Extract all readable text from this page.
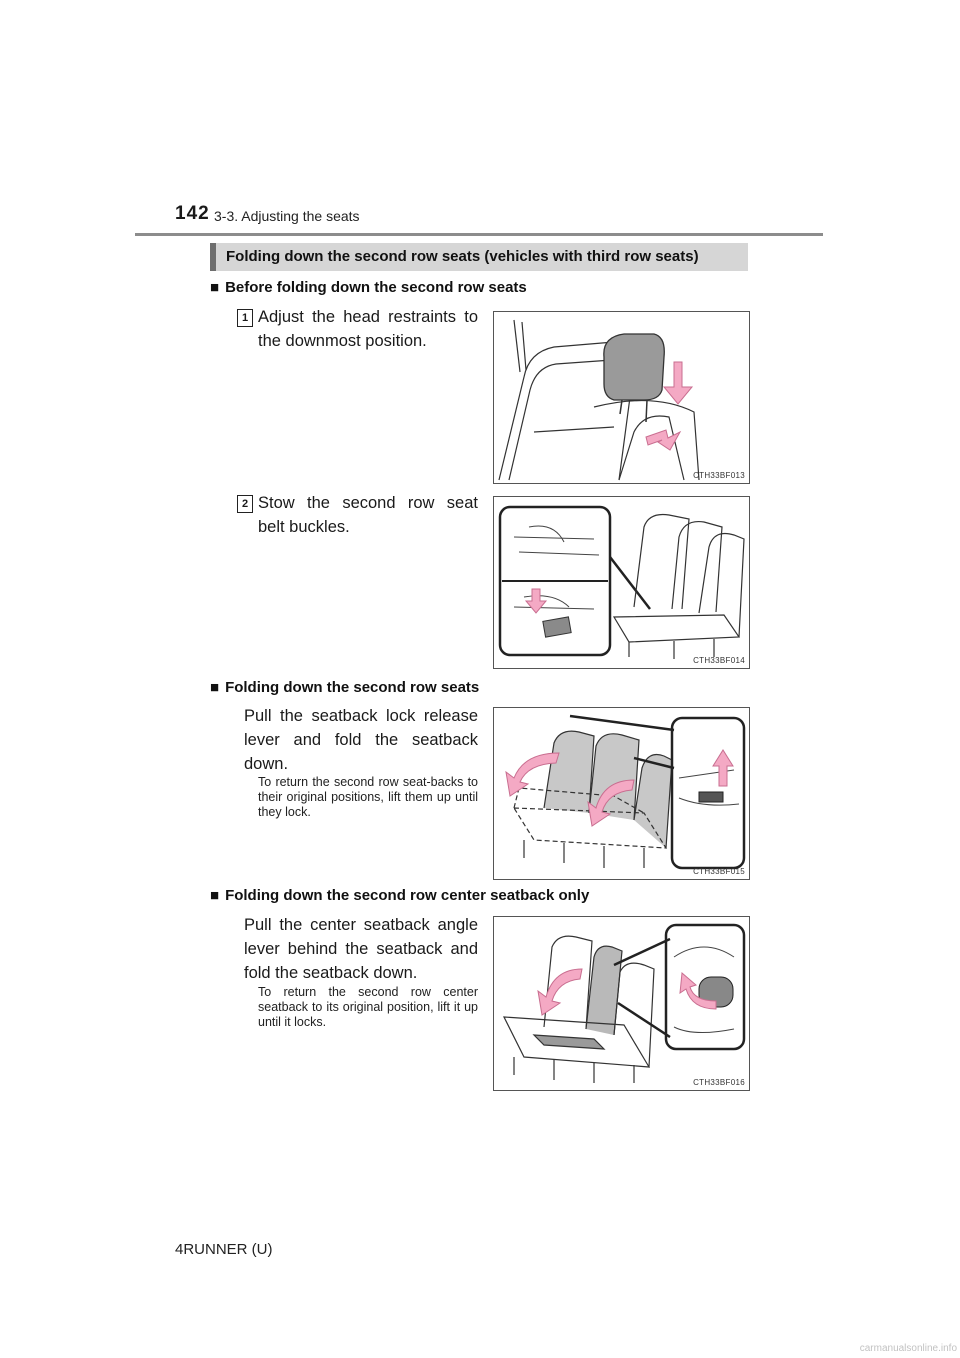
142 3-3. Adjusting the seats
Folding down the second row seats (vehicles with third row seats)
■ Before folding down the second row seats
1 Adjust the head restraints to the downmost position.
CTH33BF013
2 Stow the second row seat belt buckles.
CTH33BF014
■ Folding down the second row seats
Pull the seatback lock release lever and fold the seatback down.
To return the second row seat-backs to their original positions, lift them up until they lock.
CTH33BF015
■ Folding down the second row center seatback only
Pull the center seatback angle lever behind the seatback and fold the seatback down.
To return the second row center seatback to its original position, lift it up until it locks.
CTH33BF016
4RUNNER (U)
carmanualsonline.info
